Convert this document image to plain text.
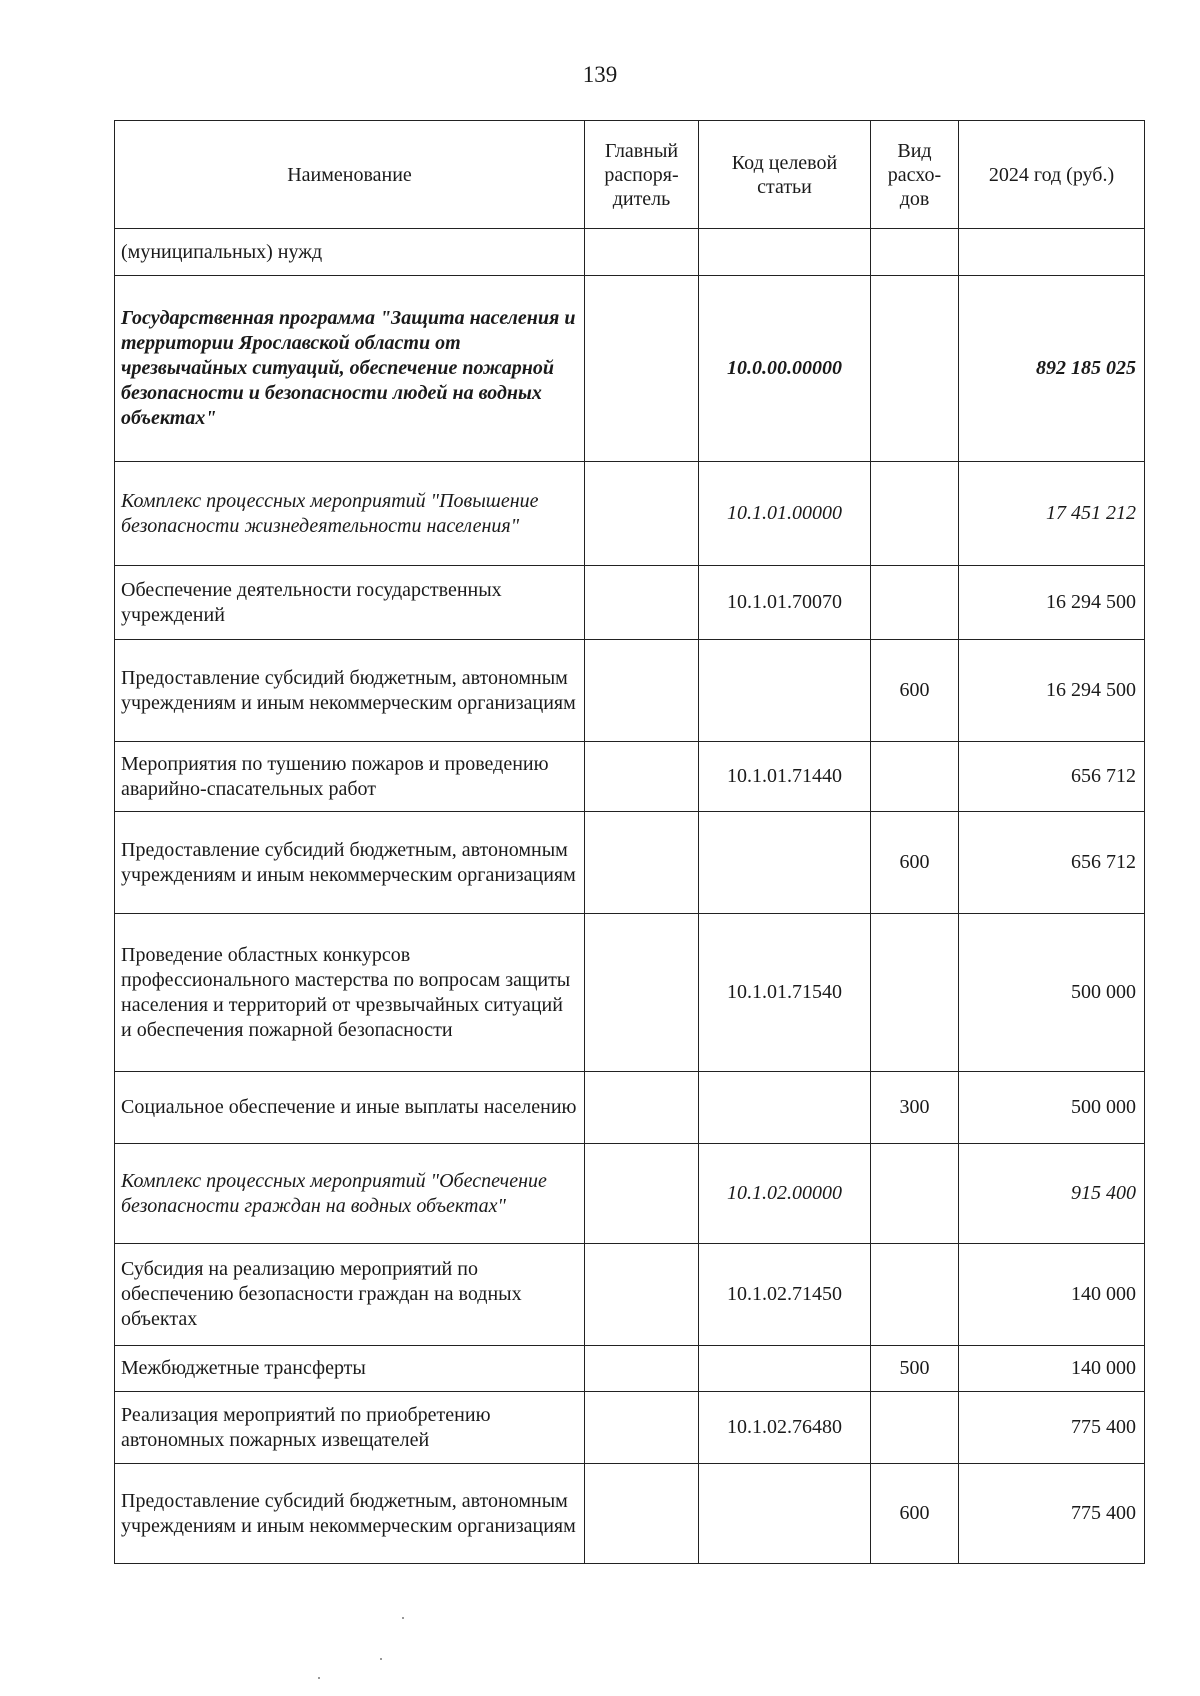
139
Наименование	Главный распоря-дитель	Код целевой статьи	Вид расхо-дов	2024 год (руб.)
(муниципальных) нужд				
Государственная программа "Защита населения и территории Ярославской области от чрезвычайных ситуаций, обеспечение пожарной безопасности и безопасности людей на водных объектах"		10.0.00.00000		892 185 025
Комплекс процессных мероприятий "Повышение безопасности жизнедеятельности населения"		10.1.01.00000		17 451 212
Обеспечение деятельности государственных учреждений		10.1.01.70070		16 294 500
Предоставление субсидий бюджетным, автономным учреждениям и иным некоммерческим организациям			600	16 294 500
Мероприятия по тушению пожаров и проведению аварийно-спасательных работ		10.1.01.71440		656 712
Предоставление субсидий бюджетным, автономным учреждениям и иным некоммерческим организациям			600	656 712
Проведение областных конкурсов профессионального мастерства по вопросам защиты населения и территорий от чрезвычайных ситуаций и обеспечения пожарной безопасности		10.1.01.71540		500 000
Социальное обеспечение и иные выплаты населению			300	500 000
Комплекс процессных мероприятий "Обеспечение безопасности граждан на водных объектах"		10.1.02.00000		915 400
Субсидия на реализацию мероприятий по обеспечению безопасности граждан на водных объектах		10.1.02.71450		140 000
Межбюджетные трансферты			500	140 000
Реализация мероприятий по приобретению автономных пожарных извещателей		10.1.02.76480		775 400
Предоставление субсидий бюджетным, автономным учреждениям и иным некоммерческим организациям			600	775 400
